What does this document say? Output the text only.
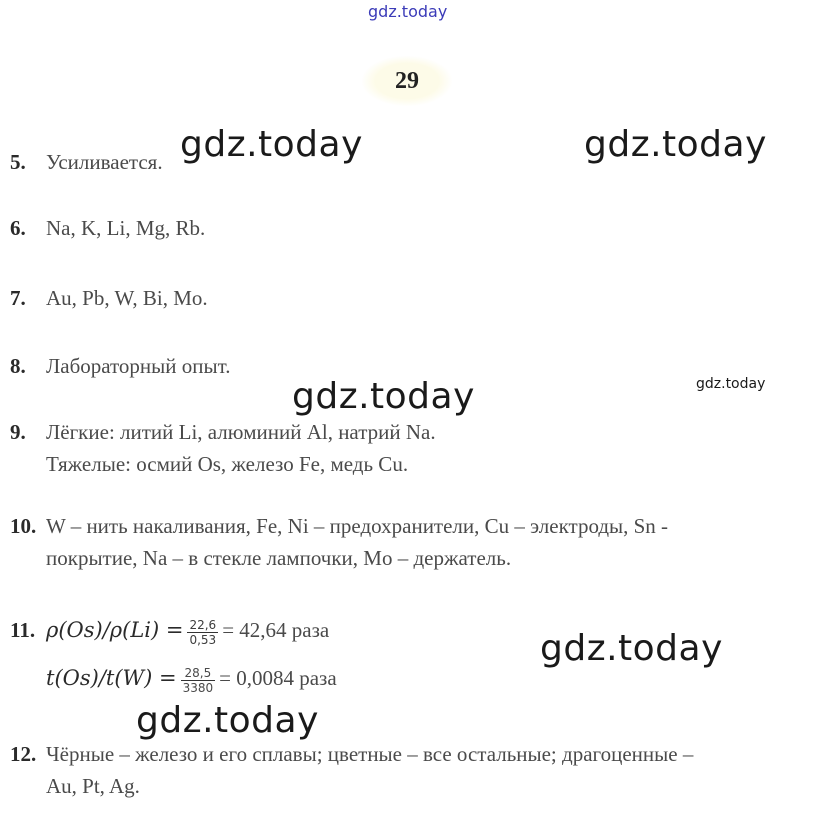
gdz.today
29
gdz.today	gdz.today
gdz.today	gdz.today
gdz.today
gdz.today
5. Усиливается.
6. Na, K, Li, Mg, Rb.
7. Au, Pb, W, Bi, Mo.
8. Лабораторный опыт.
9. Лёгкие: литий Li, алюминий Al, натрий Na.
Тяжелые: осмий Os, железо Fe, медь Cu.
10. W – нить накаливания, Fe, Ni – предохранители, Cu – электроды, Sn -
покрытие, Na – в стекле лампочки, Mo – держатель.
11. $\rho(Os)/\rho(Li) = \frac{22,6}{0,53} = 42,64$ раза
$t(Os)/t(W) = \frac{28,5}{3380} = 0,0084$ раза
12. Чёрные – железо и его сплавы; цветные – все остальные; драгоценные –
Au, Pt, Ag.
